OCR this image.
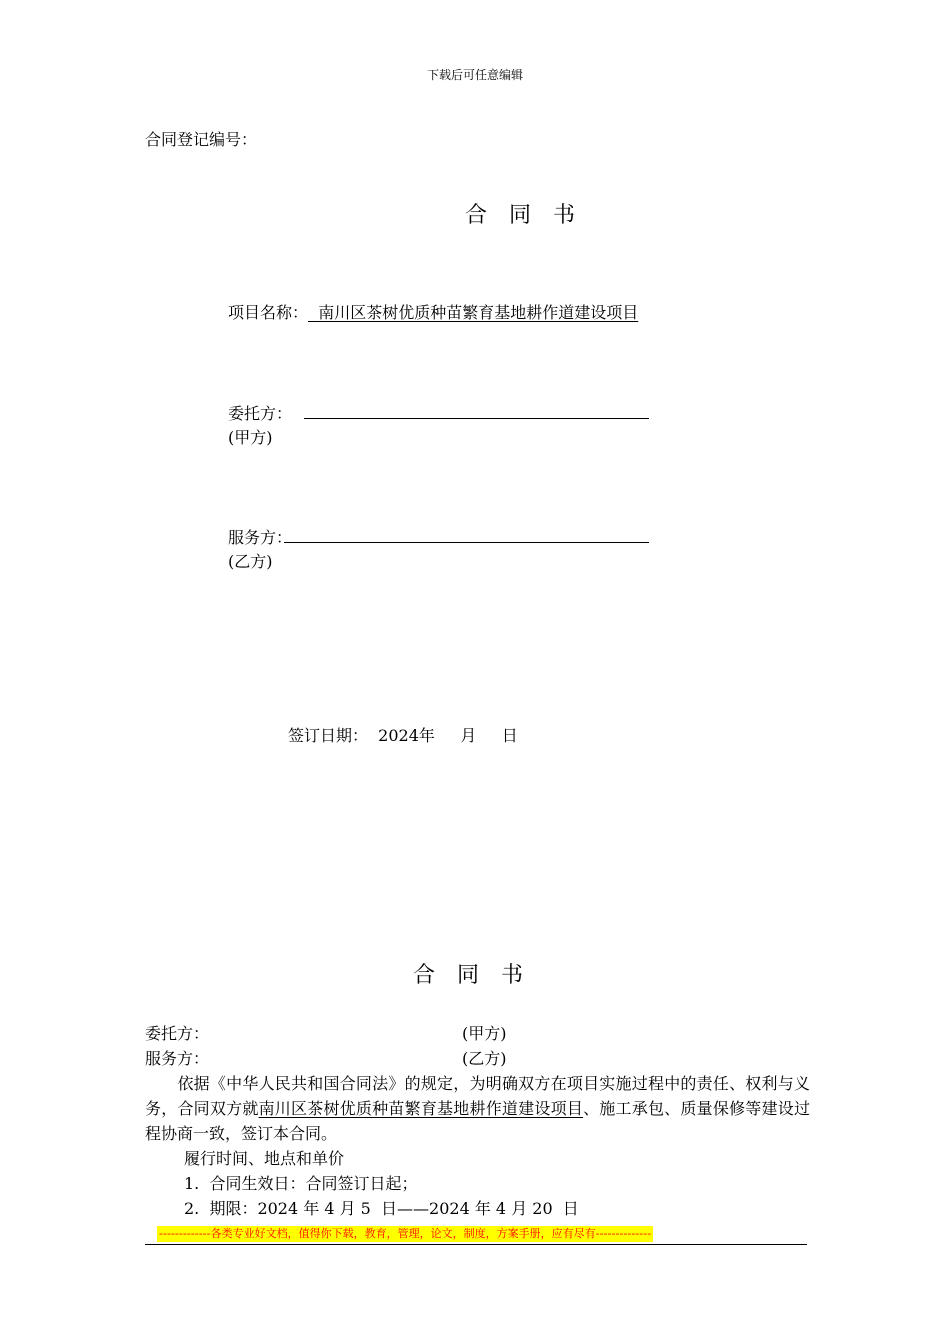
下载后可任意编辑
合同登记编号：
合　同　书
项目名称：  南川区茶树优质种苗繁育基地耕作道建设项目
委托方：
(甲方)
服务方：
(乙方)
签订日期：  2024年     月     日
合　同　书
委托方：	(甲方)
服务方：	(乙方)
　　依据《中华人民共和国合同法》的规定，为明确双方在项目实施过程中的责任、权利与义务，合同双方就南川区茶树优质种苗繁育基地耕作道建设项目、施工承包、质量保修等建设过程协商一致，签订本合同。
履行时间、地点和单价
1.  合同生效日：合同签订日起；
2.  期限：2024 年 4 月 5  日——2024 年 4 月 20  日
-------------各类专业好文档，值得你下载，教育，管理，论文，制度，方案手册，应有尽有--------------
